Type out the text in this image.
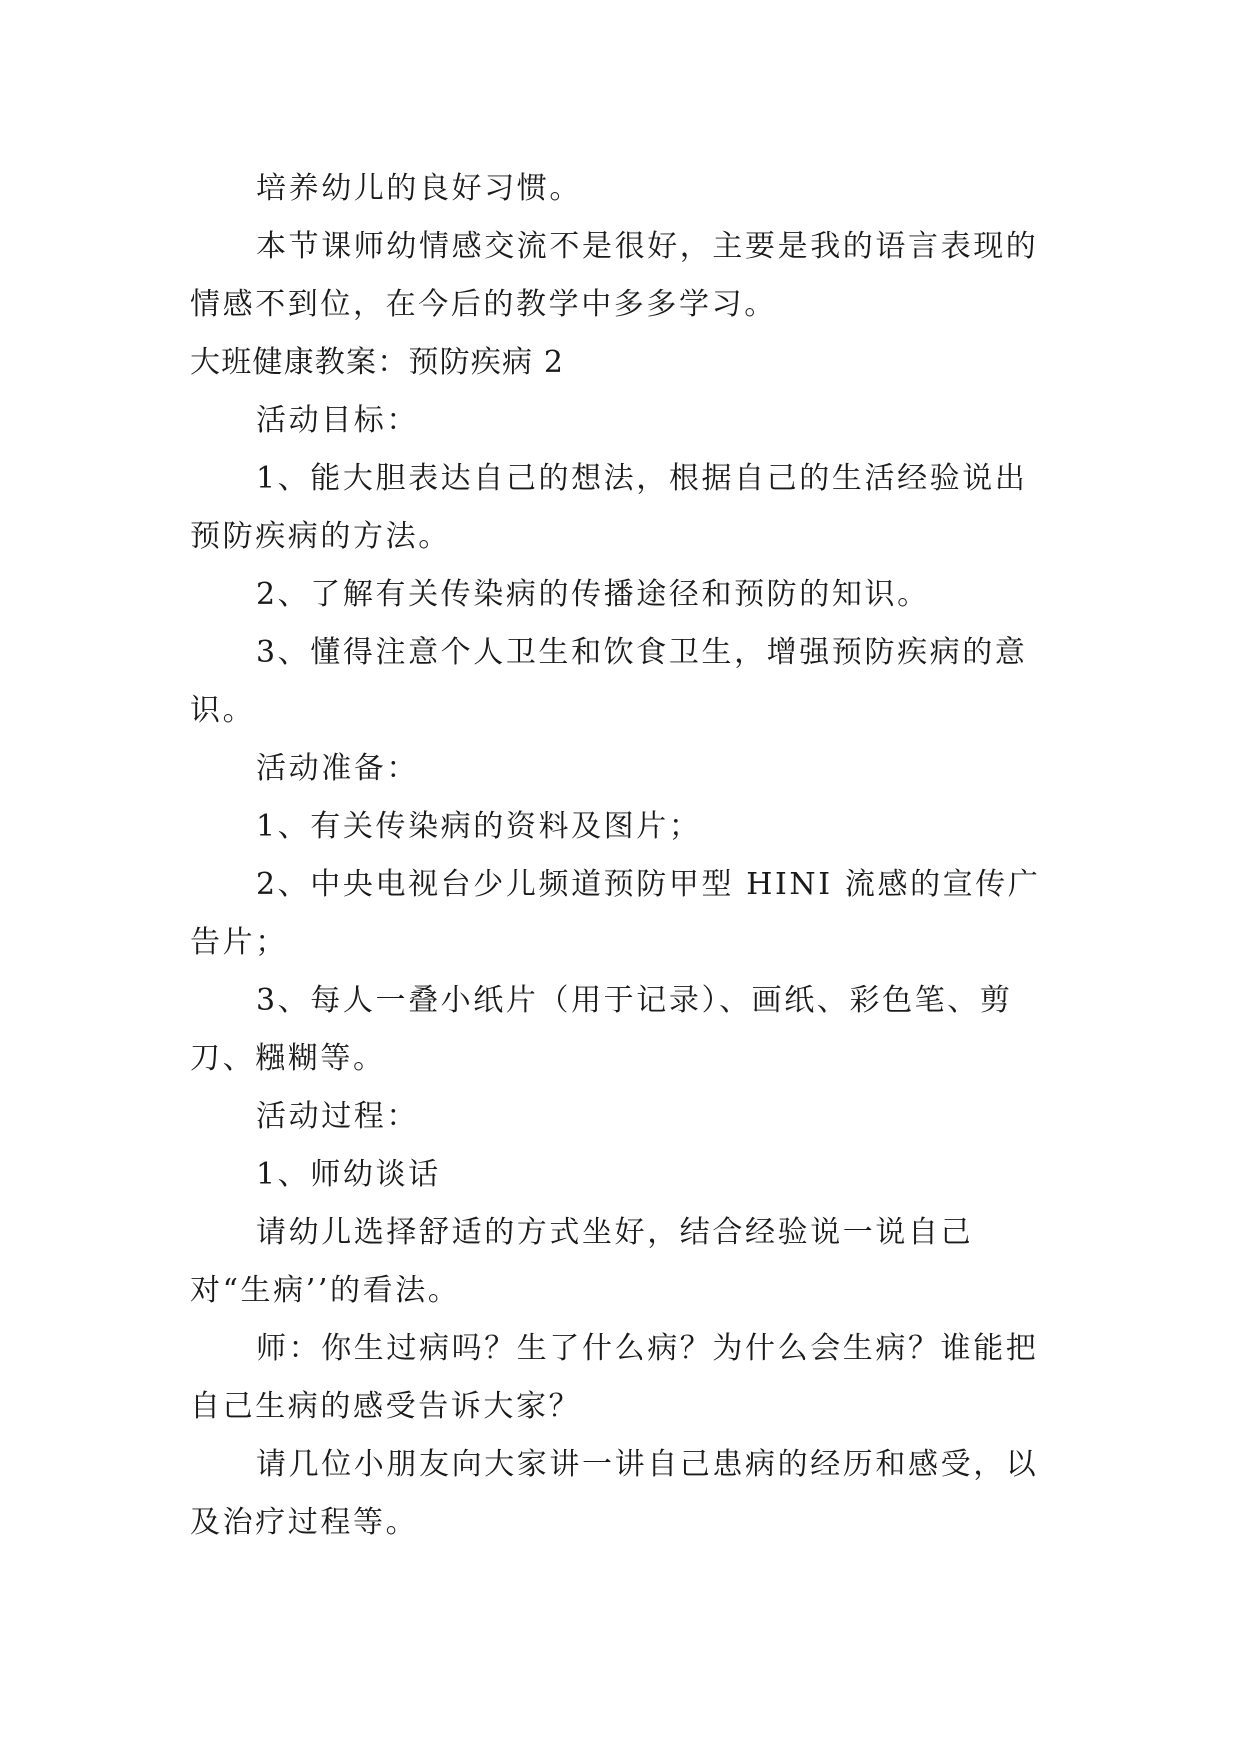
培养幼儿的良好习惯。

本节课师幼情感交流不是很好，主要是我的语言表现的情感不到位，在今后的教学中多多学习。

大班健康教案：预防疾病 2

活动目标：

1、能大胆表达自己的想法，根据自己的生活经验说出预防疾病的方法。

2、了解有关传染病的传播途径和预防的知识。

3、懂得注意个人卫生和饮食卫生，增强预防疾病的意识。

活动准备：

1、有关传染病的资料及图片；

2、中央电视台少儿频道预防甲型 HINI 流感的宣传广告片；

3、每人一叠小纸片（用于记录）、画纸、彩色笔、剪刀、糨糊等。

活动过程：

1、师幼谈话

请幼儿选择舒适的方式坐好，结合经验说一说自己对“生病’’的看法。

师：你生过病吗？生了什么病？为什么会生病？谁能把自己生病的感受告诉大家？

请几位小朋友向大家讲一讲自己患病的经历和感受，以及治疗过程等。
